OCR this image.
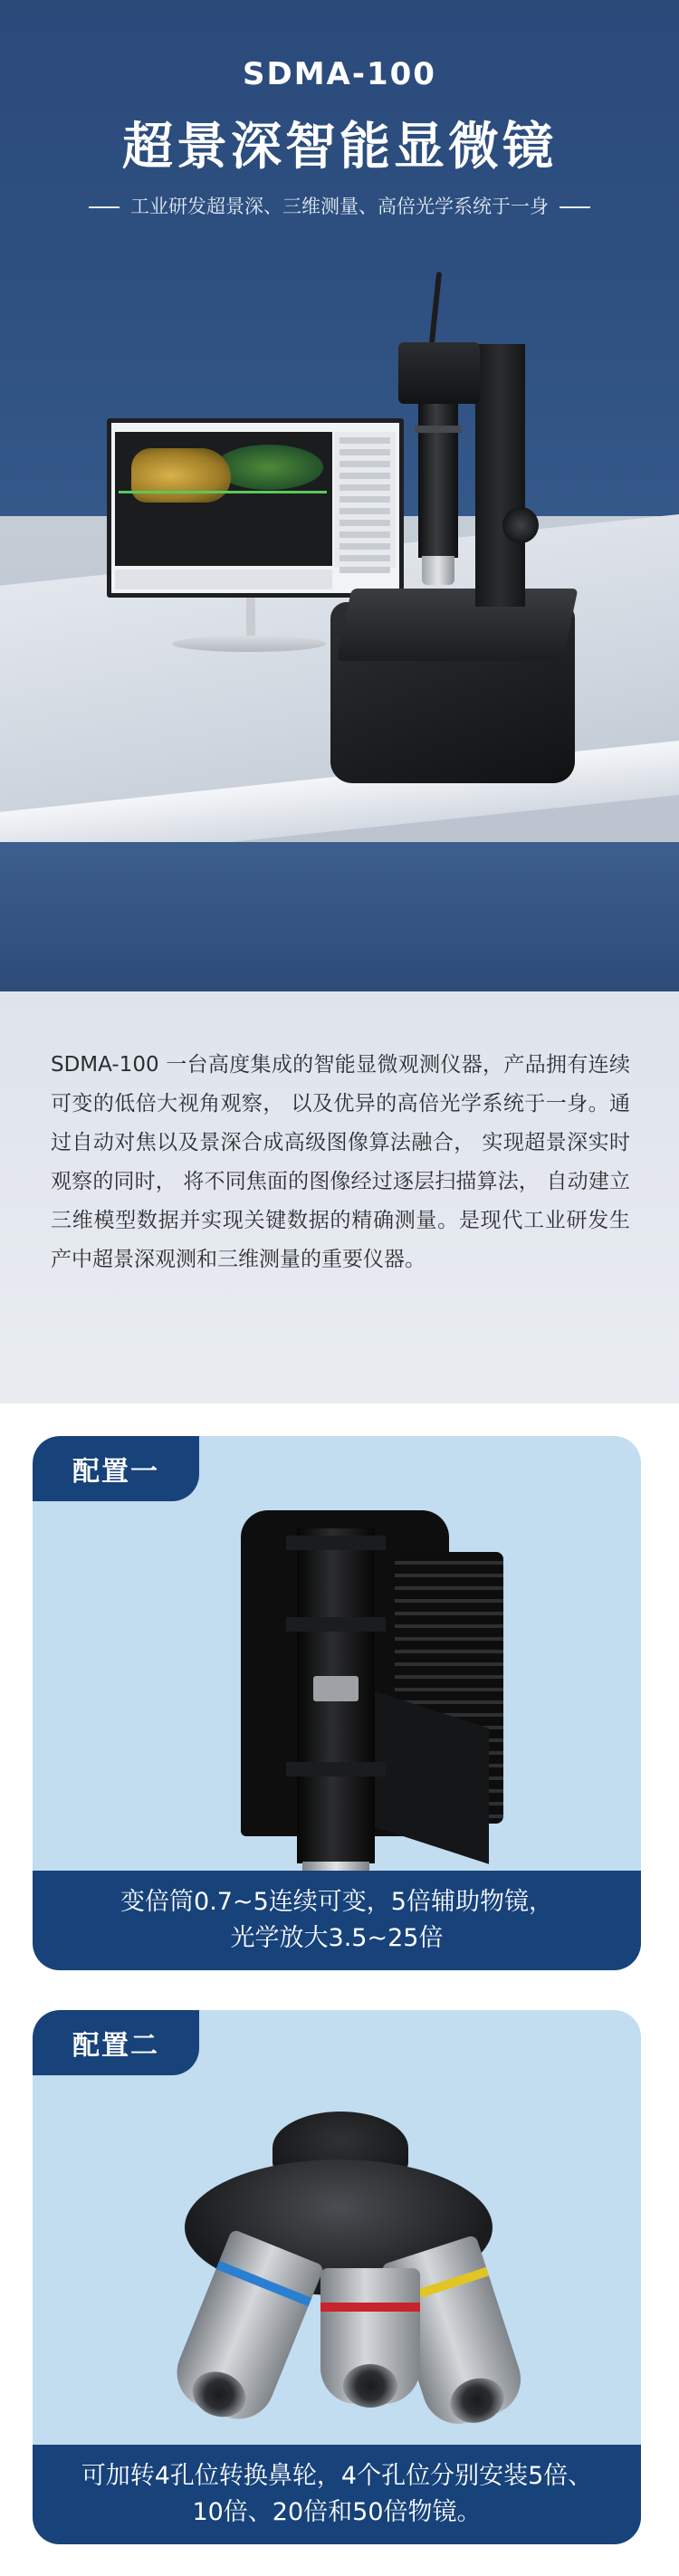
SDMA-100
超景深智能显微镜
工业研发超景深、三维测量、高倍光学系统于一身

SDMA-100 一台高度集成的智能显微观测仪器，产品拥有连续可变的低倍大视角观察， 以及优异的高倍光学系统于一身。通过自动对焦以及景深合成高级图像算法融合， 实现超景深实时观察的同时， 将不同焦面的图像经过逐层扫描算法， 自动建立三维模型数据并实现关键数据的精确测量。是现代工业研发生产中超景深观测和三维测量的重要仪器。

配置一
变倍筒0.7~5连续可变，5倍辅助物镜，
光学放大3.5~25倍
配置二
可加转4孔位转换鼻轮，4个孔位分别安装5倍、
10倍、20倍和50倍物镜。
